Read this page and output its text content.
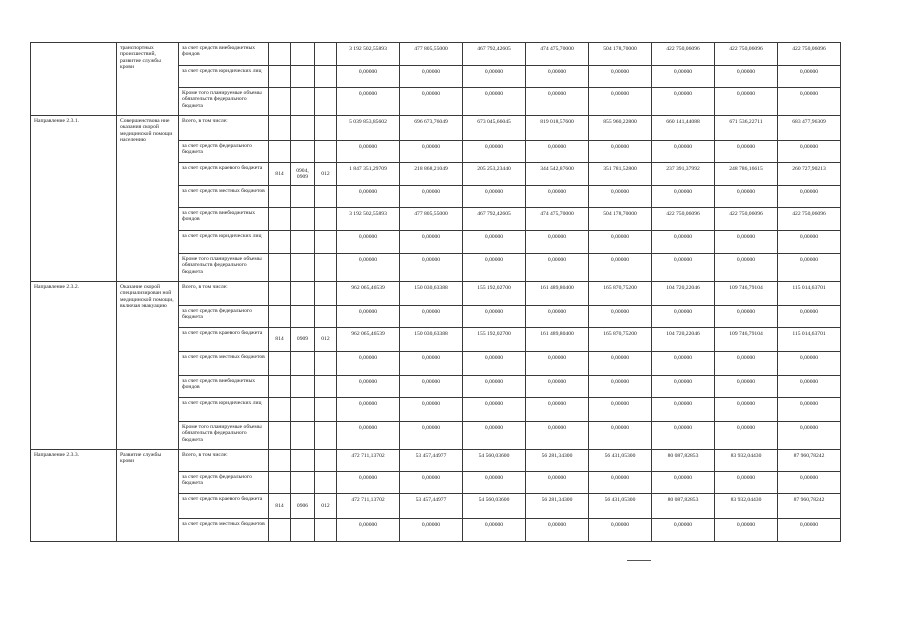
	транспортных происшествий, развитие службы крови	за счет средств внебюджетных фондов				3 192 502,55893	477 805,55000	467 792,42605	474 475,70000	504 178,70000	422 750,06096	422 750,06096	422 750,06096
		за счет средств юридических лиц				0,00000	0,00000	0,00000	0,00000	0,00000	0,00000	0,00000	0,00000
		Кроме того планируемые объемы обязательств федерального бюджета				0,00000	0,00000	0,00000	0,00000	0,00000	0,00000	0,00000	0,00000
Направление 2.3.1.	Совершенствова ние оказания скорой медицинской помощи населению	Всего, в том числе:				5 039 853,85602	696 673,76049	673 045,66045	819 018,57600	855 960,22800	660 141,44088	671 536,22711	683 477,96309
		за счет средств федерального бюджета				0,00000	0,00000	0,00000	0,00000	0,00000	0,00000	0,00000	0,00000
		за счет средств краевого бюджета	814	0904, 0909	012	1 847 351,29709	218 868,21049	205 253,23440	344 542,87600	351 781,52800	237 391,37992	248 786,16615	260 727,90213
		за счет средств местных бюджетов				0,00000	0,00000	0,00000	0,00000	0,00000	0,00000	0,00000	0,00000
		за счет средств внебюджетных фондов				3 192 502,55893	477 805,55000	467 792,42605	474 475,70000	504 178,70000	422 750,06096	422 750,06096	422 750,06096
		за счет средств юридических лиц				0,00000	0,00000	0,00000	0,00000	0,00000	0,00000	0,00000	0,00000
		Кроме того планируемые объемы обязательств федерального бюджета				0,00000	0,00000	0,00000	0,00000	0,00000	0,00000	0,00000	0,00000
Направление 2.3.2.	Оказание скорой специализирован ной медицинской помощи, включая эвакуацию	Всего, в том числе:				962 065,46539	150 030,63388	155 192,02700	161 489,80400	165 870,75200	104 720,22046	109 746,79104	115 014,63701
		за счет средств федерального бюджета				0,00000	0,00000	0,00000	0,00000	0,00000	0,00000	0,00000	0,00000
		за счет средств краевого бюджета	814	0909	012	962 065,46539	150 030,63388	155 192,02700	161 489,80400	165 870,75200	104 720,22046	109 746,79104	115 014,63701
		за счет средств местных бюджетов				0,00000	0,00000	0,00000	0,00000	0,00000	0,00000	0,00000	0,00000
		за счет средств внебюджетных фондов				0,00000	0,00000	0,00000	0,00000	0,00000	0,00000	0,00000	0,00000
		за счет средств юридических лиц				0,00000	0,00000	0,00000	0,00000	0,00000	0,00000	0,00000	0,00000
		Кроме того планируемые объемы обязательств федерального бюджета				0,00000	0,00000	0,00000	0,00000	0,00000	0,00000	0,00000	0,00000
Направление 2.3.3.	Развитие службы крови	Всего, в том числе:				472 711,13702	53 457,44977	54 560,03600	56 281,34300	56 431,05300	80 087,82853	83 932,04430	87 960,78242
		за счет средств федерального бюджета				0,00000	0,00000	0,00000	0,00000	0,00000	0,00000	0,00000	0,00000
		за счет средств краевого бюджета	814	0906	012	472 711,13702	53 457,44977	54 560,03600	56 281,34300	56 431,05300	80 087,82853	83 932,04430	87 960,78242
		за счет средств местных бюджетов				0,00000	0,00000	0,00000	0,00000	0,00000	0,00000	0,00000	0,00000
